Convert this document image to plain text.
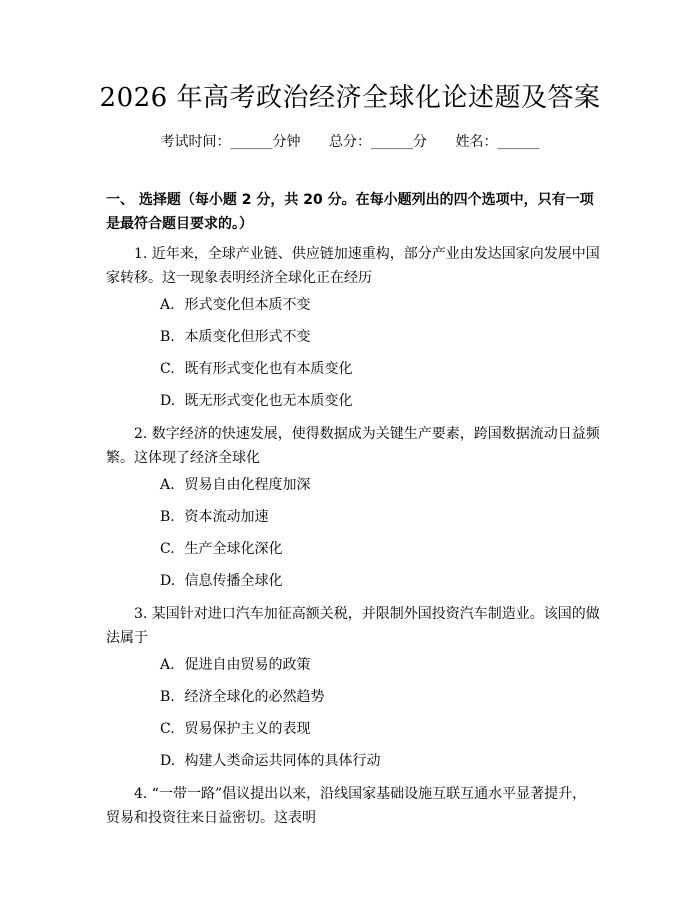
2026 年高考政治经济全球化论述题及答案
考试时间：______分钟 总分：______分 姓名：______
一、 选择题（每小题 2 分，共 20 分。在每小题列出的四个选项中，只有一项是最符合题目要求的。）
1. 近年来，全球产业链、供应链加速重构，部分产业由发达国家向发展中国家转移。这一现象表明经济全球化正在经历
A. 形式变化但本质不变
B. 本质变化但形式不变
C. 既有形式变化也有本质变化
D. 既无形式变化也无本质变化
2. 数字经济的快速发展，使得数据成为关键生产要素，跨国数据流动日益频繁。这体现了经济全球化
A. 贸易自由化程度加深
B. 资本流动加速
C. 生产全球化深化
D. 信息传播全球化
3. 某国针对进口汽车加征高额关税，并限制外国投资汽车制造业。该国的做法属于
A. 促进自由贸易的政策
B. 经济全球化的必然趋势
C. 贸易保护主义的表现
D. 构建人类命运共同体的具体行动
4. “一带一路”倡议提出以来，沿线国家基础设施互联互通水平显著提升，贸易和投资往来日益密切。这表明
